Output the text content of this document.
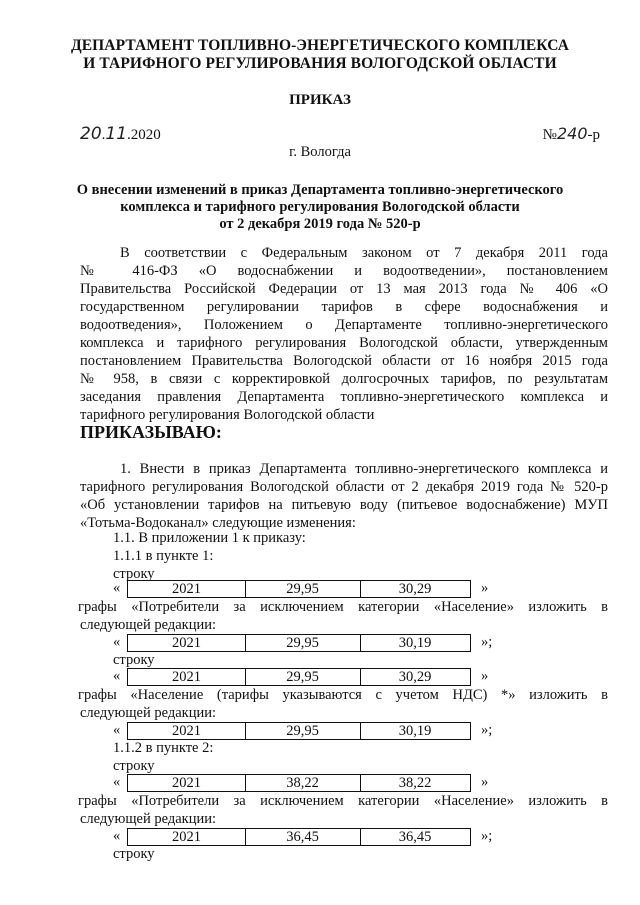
ДЕПАРТАМЕНТ ТОПЛИВНО-ЭНЕРГЕТИЧЕСКОГО КОМПЛЕКСА
И ТАРИФНОГО РЕГУЛИРОВАНИЯ ВОЛОГОДСКОЙ ОБЛАСТИ
ПРИКАЗ
20.11.2020	№240-р
г. Вологда
О внесении изменений в приказ Департамента топливно-энергетического
комплекса и тарифного регулирования Вологодской области
от 2 декабря 2019 года № 520-р
В соответствии с Федеральным законом от 7 декабря 2011 года
№ 416-ФЗ «О водоснабжении и водоотведении», постановлением
Правительства Российской Федерации от 13 мая 2013 года № 406 «О
государственном регулировании тарифов в сфере водоснабжения и
водоотведения», Положением о Департаменте топливно-энергетического
комплекса и тарифного регулирования Вологодской области, утвержденным
постановлением Правительства Вологодской области от 16 ноября 2015 года
№ 958, в связи с корректировкой долгосрочных тарифов, по результатам
заседания правления Департамента топливно-энергетического комплекса и
тарифного регулирования Вологодской области
ПРИКАЗЫВАЮ:
1. Внести в приказ Департамента топливно-энергетического комплекса и
тарифного регулирования Вологодской области от 2 декабря 2019 года № 520-р
«Об установлении тарифов на питьевую воду (питьевое водоснабжение) МУП
«Тотьма-Водоканал» следующие изменения:
1.1. В приложении 1 к приказу:
1.1.1 в пункте 1:
строку
«	2021	29,95	30,29	»
графы «Потребители за исключением категории «Население» изложить в
следующей редакции:
«	2021	29,95	30,19	»;
строку
«	2021	29,95	30,29	»
графы «Население (тарифы указываются с учетом НДС) *» изложить в
следующей редакции:
«	2021	29,95	30,19	»;
1.1.2 в пункте 2:
строку
«	2021	38,22	38,22	»
графы «Потребители за исключением категории «Население» изложить в
следующей редакции:
«	2021	36,45	36,45	»;
строку
